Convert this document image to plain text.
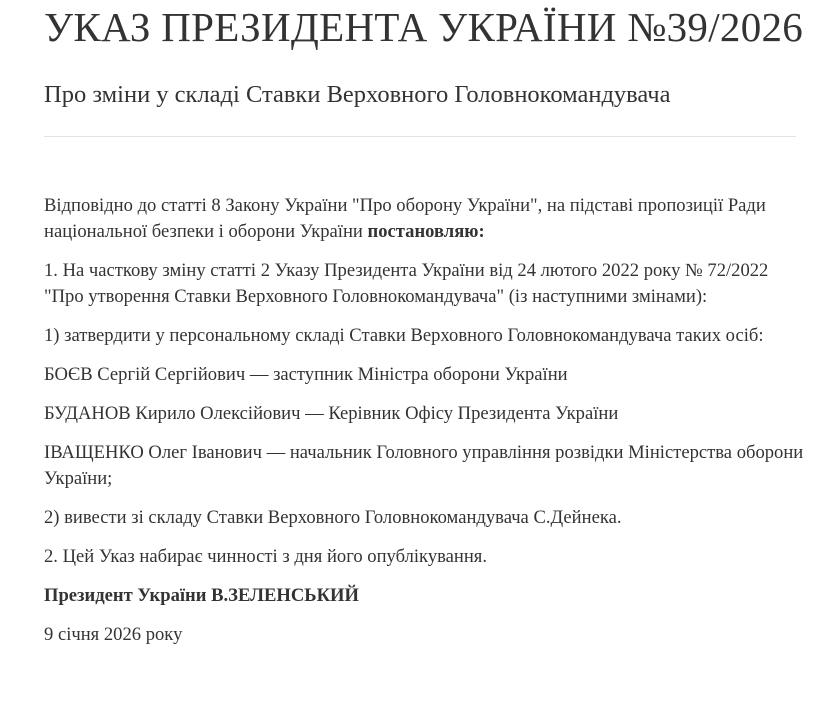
УКАЗ ПРЕЗИДЕНТА УКРАЇНИ №39/2026
Про зміни у складі Ставки Верховного Головнокомандувача

Відповідно до статті 8 Закону України "Про оборону України", на підставі пропозиції Ради національної безпеки і оборони України постановляю:

1. На часткову зміну статті 2 Указу Президента України від 24 лютого 2022 року № 72/2022 "Про утворення Ставки Верховного Головнокомандувача" (із наступними змінами):

1) затвердити у персональному складі Ставки Верховного Головнокомандувача таких осіб:

БОЄВ Сергій Сергійович — заступник Міністра оборони України

БУДАНОВ Кирило Олексійович — Керівник Офісу Президента України

ІВАЩЕНКО Олег Іванович — начальник Головного управління розвідки Міністерства оборони України;

2) вивести зі складу Ставки Верховного Головнокомандувача С.Дейнека.

2. Цей Указ набирає чинності з дня його опублікування.

Президент України В.ЗЕЛЕНСЬКИЙ

9 січня 2026 року
